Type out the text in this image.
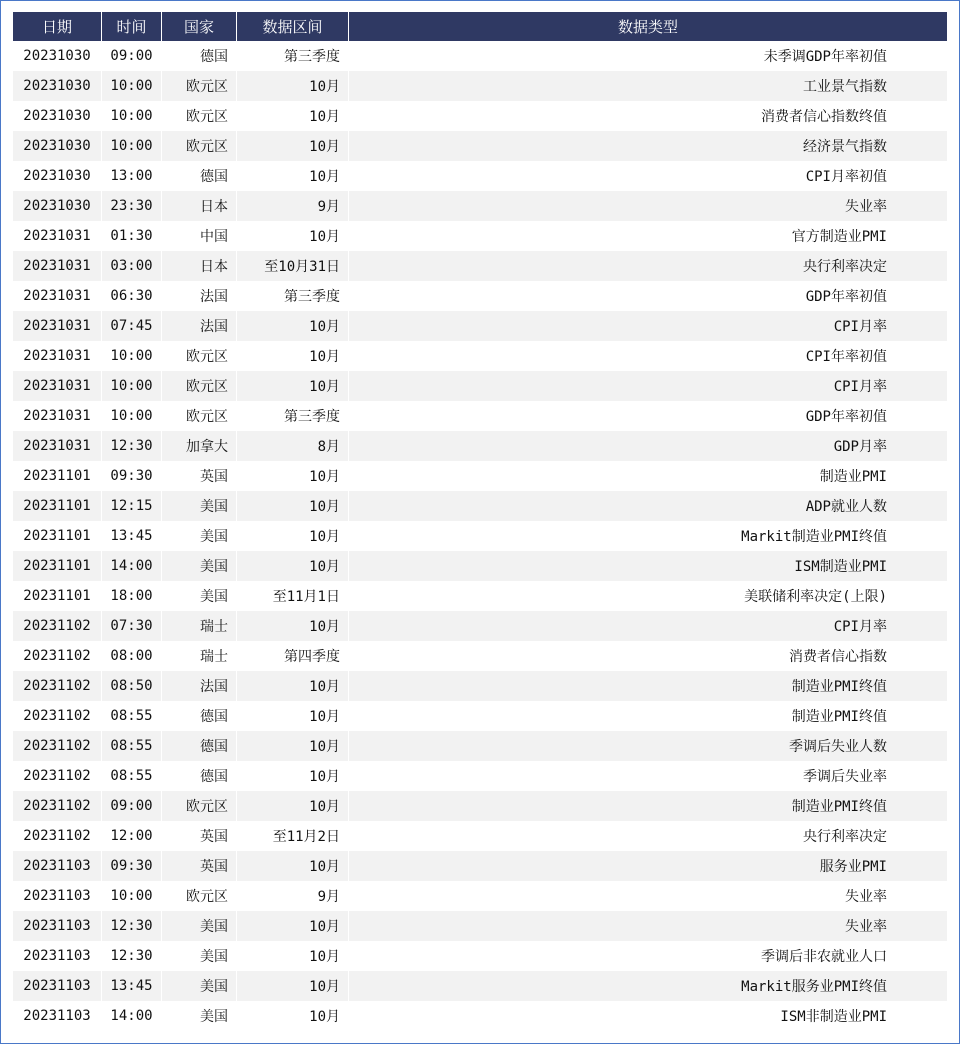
日期	时间	国家	数据区间	数据类型
20231030	09:00	德国	第三季度	未季调GDP年率初值
20231030	10:00	欧元区	10月	工业景气指数
20231030	10:00	欧元区	10月	消费者信心指数终值
20231030	10:00	欧元区	10月	经济景气指数
20231030	13:00	德国	10月	CPI月率初值
20231030	23:30	日本	9月	失业率
20231031	01:30	中国	10月	官方制造业PMI
20231031	03:00	日本	至10月31日	央行利率决定
20231031	06:30	法国	第三季度	GDP年率初值
20231031	07:45	法国	10月	CPI月率
20231031	10:00	欧元区	10月	CPI年率初值
20231031	10:00	欧元区	10月	CPI月率
20231031	10:00	欧元区	第三季度	GDP年率初值
20231031	12:30	加拿大	8月	GDP月率
20231101	09:30	英国	10月	制造业PMI
20231101	12:15	美国	10月	ADP就业人数
20231101	13:45	美国	10月	Markit制造业PMI终值
20231101	14:00	美国	10月	ISM制造业PMI
20231101	18:00	美国	至11月1日	美联储利率决定(上限)
20231102	07:30	瑞士	10月	CPI月率
20231102	08:00	瑞士	第四季度	消费者信心指数
20231102	08:50	法国	10月	制造业PMI终值
20231102	08:55	德国	10月	制造业PMI终值
20231102	08:55	德国	10月	季调后失业人数
20231102	08:55	德国	10月	季调后失业率
20231102	09:00	欧元区	10月	制造业PMI终值
20231102	12:00	英国	至11月2日	央行利率决定
20231103	09:30	英国	10月	服务业PMI
20231103	10:00	欧元区	9月	失业率
20231103	12:30	美国	10月	失业率
20231103	12:30	美国	10月	季调后非农就业人口
20231103	13:45	美国	10月	Markit服务业PMI终值
20231103	14:00	美国	10月	ISM非制造业PMI
